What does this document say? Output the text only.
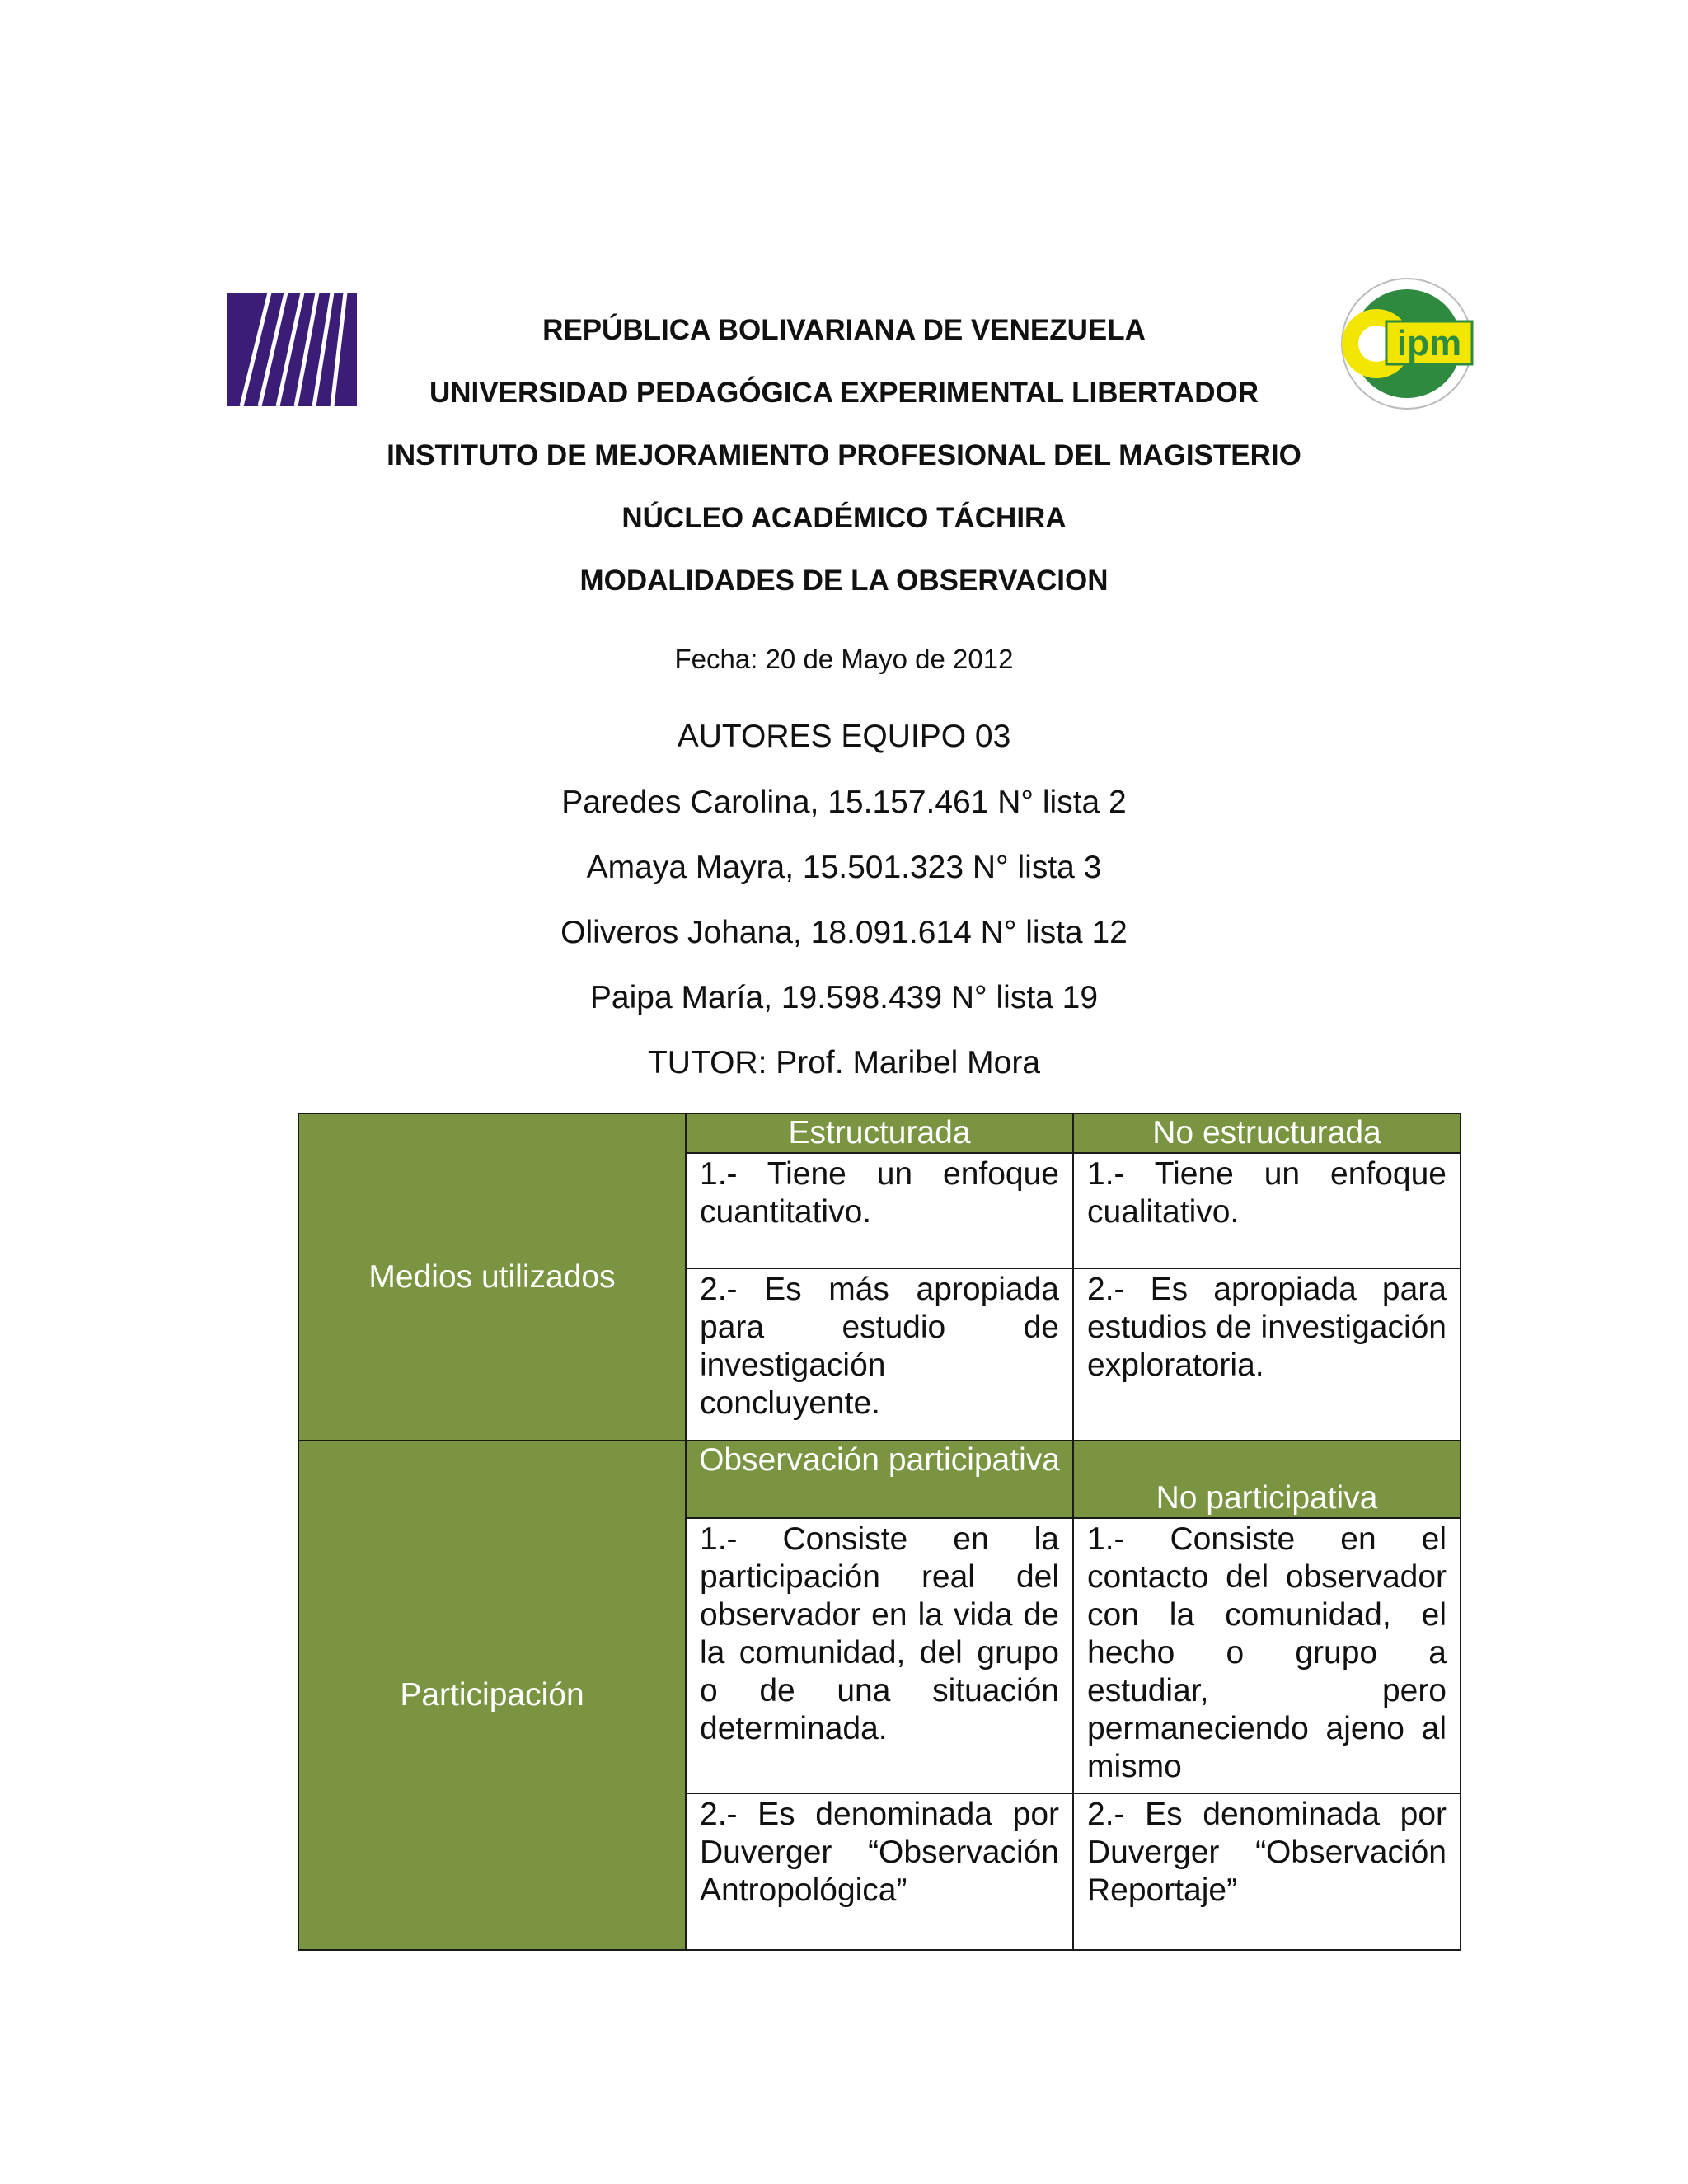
ipm
REPÚBLICA BOLIVARIANA DE VENEZUELA
UNIVERSIDAD PEDAGÓGICA EXPERIMENTAL LIBERTADOR
INSTITUTO DE MEJORAMIENTO PROFESIONAL DEL MAGISTERIO
NÚCLEO ACADÉMICO TÁCHIRA
MODALIDADES DE LA OBSERVACION
Fecha: 20 de Mayo de 2012
AUTORES EQUIPO 03
Paredes Carolina, 15.157.461 N° lista 2
Amaya Mayra, 15.501.323 N° lista 3
Oliveros Johana, 18.091.614 N° lista 12
Paipa María, 19.598.439 N° lista 19
TUTOR: Prof. Maribel Mora
Medios utilizados	Estructurada	No estructurada
	1.- Tiene un enfoque cuantitativo.	1.- Tiene un enfoque cualitativo.
	2.- Es más apropiada para estudio de investigación concluyente.	2.- Es apropiada para estudios de investigación exploratoria.
Participación	Observación participativa	No participativa
	1.- Consiste en la participación real del observador en la vida de la comunidad, del grupo o de una situación determinada.	1.- Consiste en el contacto del observador con la comunidad, el hecho o grupo a estudiar, pero permaneciendo ajeno al mismo
	2.- Es denominada por Duverger “Observación Antropológica”	2.- Es denominada por Duverger “Observación Reportaje”
